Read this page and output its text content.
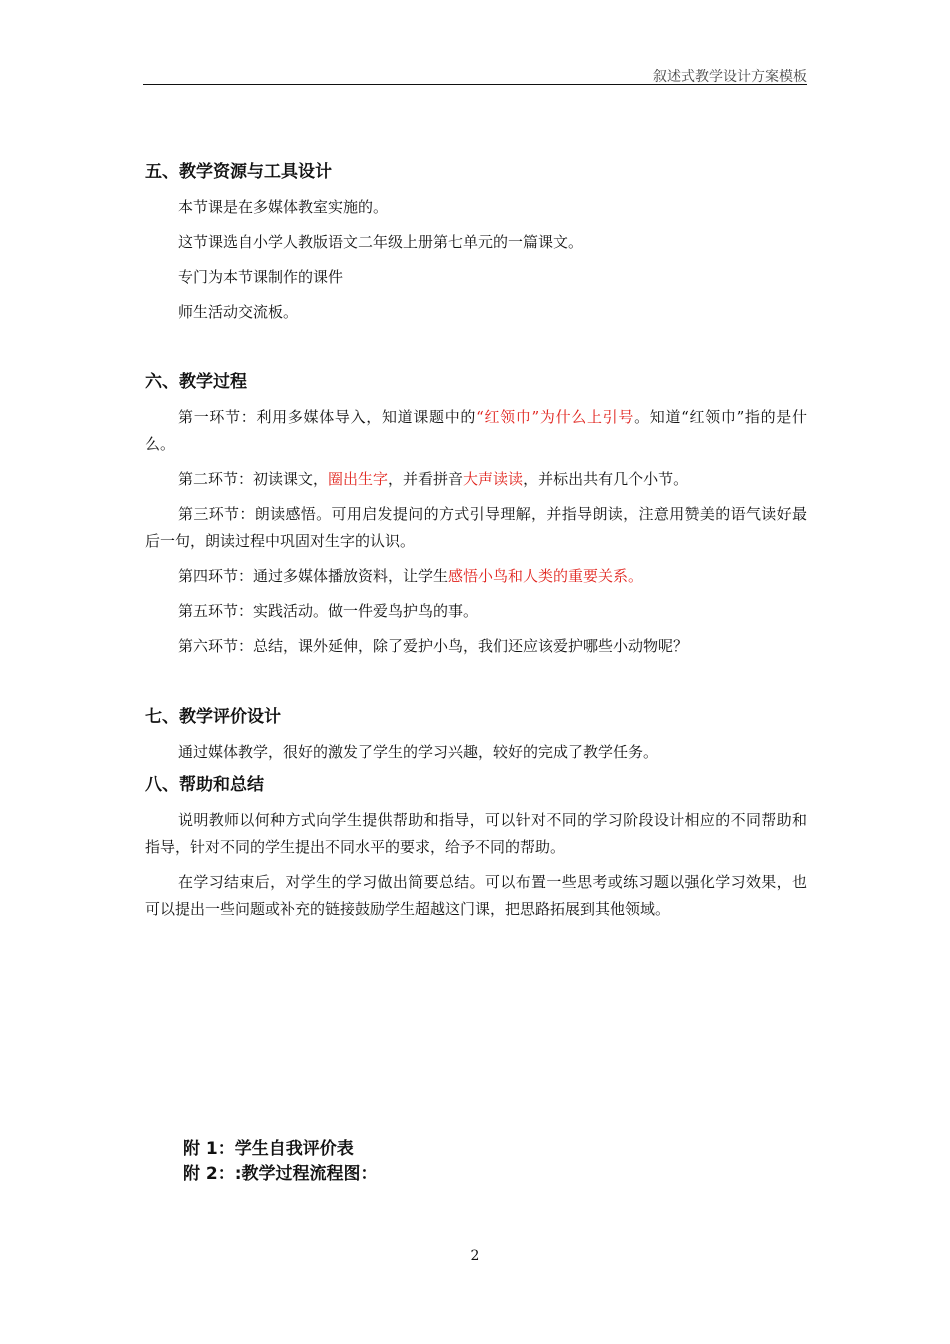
叙述式教学设计方案模板
五、教学资源与工具设计

本节课是在多媒体教室实施的。

这节课选自小学人教版语文二年级上册第七单元的一篇课文。

专门为本节课制作的课件

师生活动交流板。

六、教学过程

第一环节：利用多媒体导入，知道课题中的“红领巾”为什么上引号。知道“红领巾”指的是什么。

第二环节：初读课文，圈出生字，并看拼音大声读读，并标出共有几个小节。

第三环节：朗读感悟。可用启发提问的方式引导理解，并指导朗读，注意用赞美的语气读好最后一句，朗读过程中巩固对生字的认识。

第四环节：通过多媒体播放资料，让学生感悟小鸟和人类的重要关系。

第五环节：实践活动。做一件爱鸟护鸟的事。

第六环节：总结，课外延伸，除了爱护小鸟，我们还应该爱护哪些小动物呢？

七、教学评价设计

通过媒体教学，很好的激发了学生的学习兴趣，较好的完成了教学任务。

八、帮助和总结

说明教师以何种方式向学生提供帮助和指导，可以针对不同的学习阶段设计相应的不同帮助和指导，针对不同的学生提出不同水平的要求，给予不同的帮助。

在学习结束后，对学生的学习做出简要总结。可以布置一些思考或练习题以强化学习效果，也可以提出一些问题或补充的链接鼓励学生超越这门课，把思路拓展到其他领域。

附 1：学生自我评价表
附 2：:教学过程流程图：
2
